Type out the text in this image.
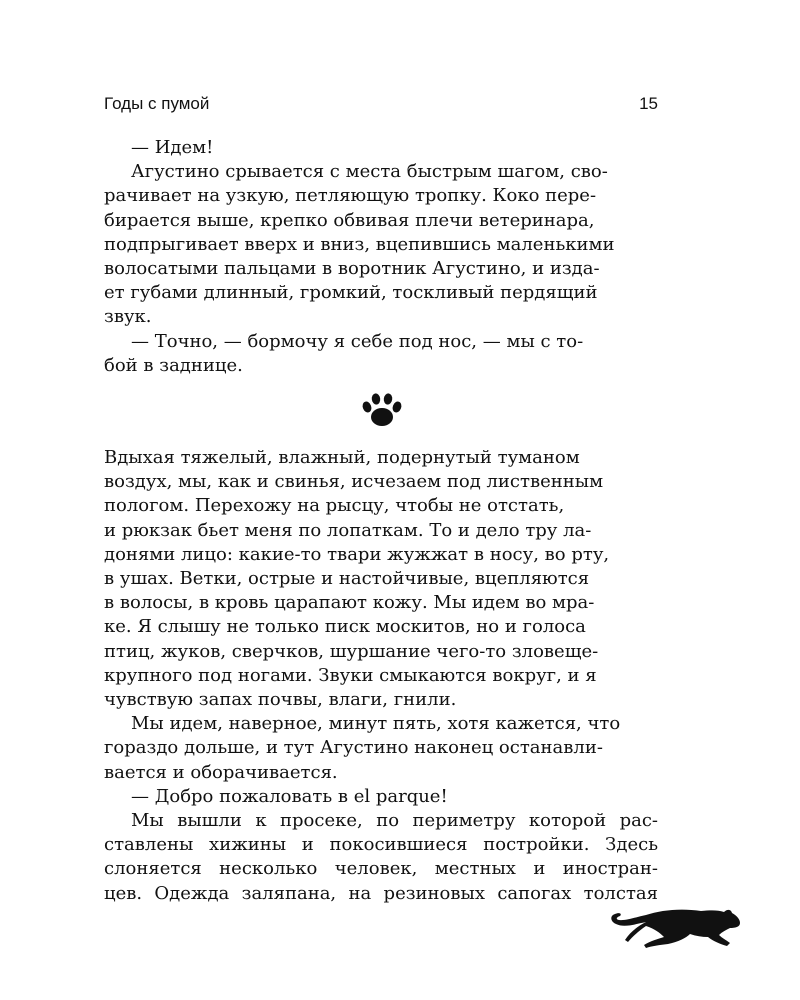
Годы с пумой	15

— Идем!

Агустино срывается с места быстрым шагом, сво-
рачивает на узкую, петляющую тропку. Коко пере-
бирается выше, крепко обвивая плечи ветеринара,
подпрыгивает вверх и вниз, вцепившись маленькими
волосатыми пальцами в воротник Агустино, и изда-
ет губами длинный, громкий, тоскливый пердящий
звук.

— Точно, — бормочу я себе под нос, — мы с то-
бой в заднице.

Вдыхая тяжелый, влажный, подернутый туманом
воздух, мы, как и свинья, исчезаем под лиственным
пологом. Перехожу на рысцу, чтобы не отстать,
и рюкзак бьет меня по лопаткам. То и дело тру ла-
донями лицо: какие-то твари жужжат в носу, во рту,
в ушах. Ветки, острые и настойчивые, вцепляются
в волосы, в кровь царапают кожу. Мы идем во мра-
ке. Я слышу не только писк москитов, но и голоса
птиц, жуков, сверчков, шуршание чего-то зловеще-
крупного под ногами. Звуки смыкаются вокруг, и я
чувствую запах почвы, влаги, гнили.

Мы идем, наверное, минут пять, хотя кажется, что
гораздо дольше, и тут Агустино наконец останавли-
вается и оборачивается.

— Добро пожаловать в el parque!

Мы вышли к просеке, по периметру которой рас-
ставлены хижины и покосившиеся постройки. Здесь
слоняется несколько человек, местных и иностран-
цев. Одежда заляпана, на резиновых сапогах толстая
